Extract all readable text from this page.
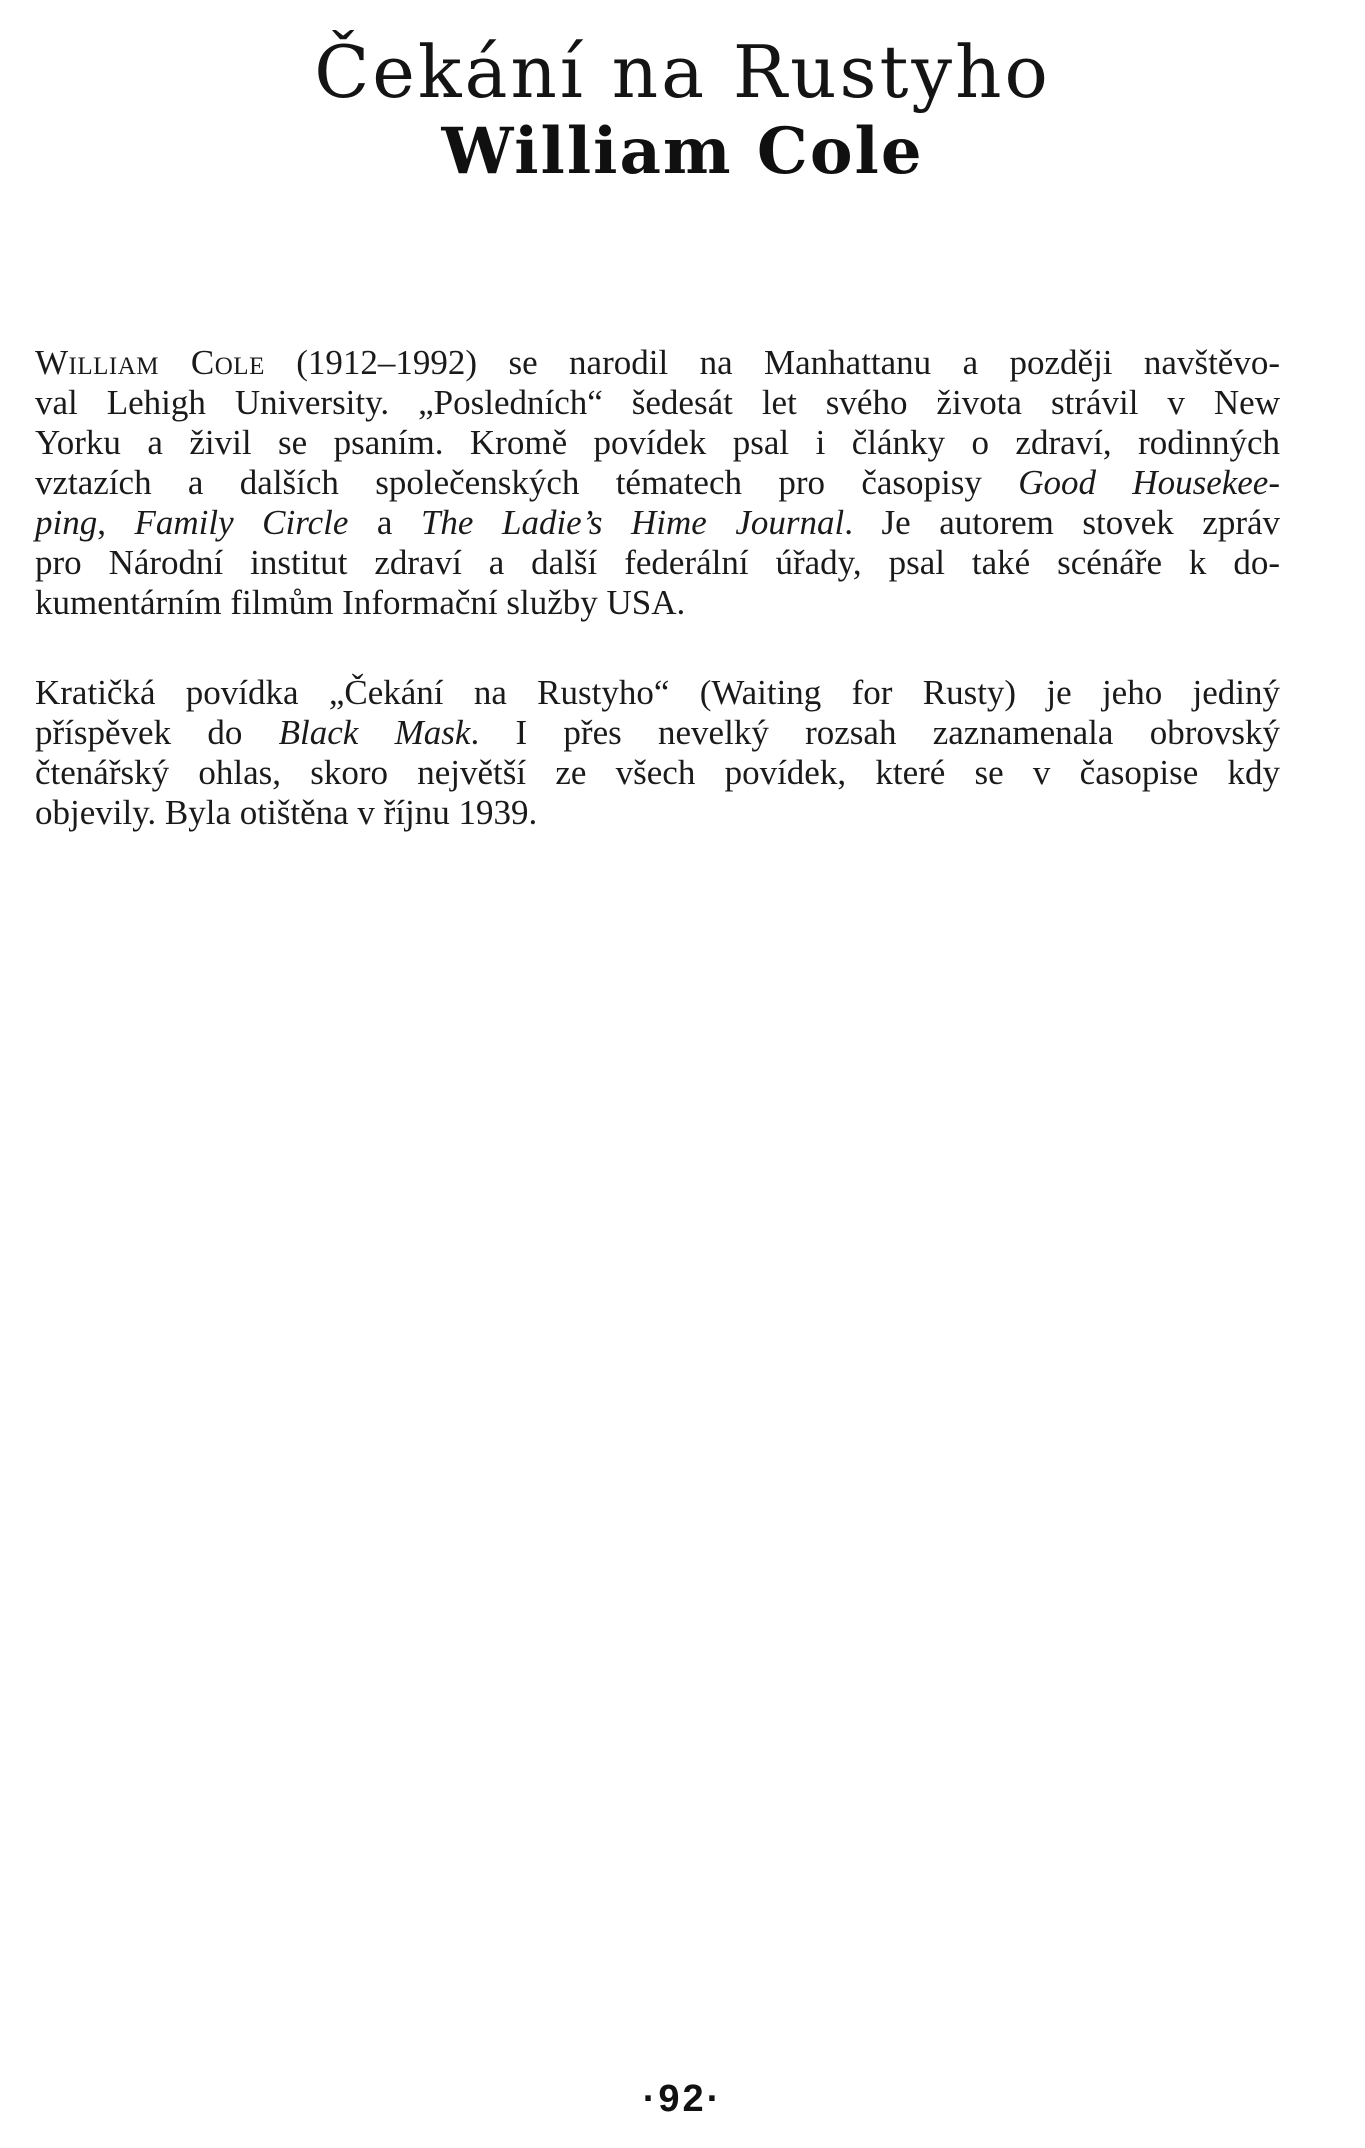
Čekání na Rustyho
William Cole
William Cole (1912–1992) se narodil na Manhattanu a později navštěvo-
val Lehigh University. „Posledních“ šedesát let svého života strávil v New
Yorku a živil se psaním. Kromě povídek psal i články o zdraví, rodinných
vztazích a dalších společenských tématech pro časopisy Good Housekee-
ping, Family Circle a The Ladie’s Hime Journal. Je autorem stovek zpráv
pro Národní institut zdraví a další federální úřady, psal také scénáře k do-
kumentárním filmům Informační služby USA.
Kratičká povídka „Čekání na Rustyho“ (Waiting for Rusty) je jeho jediný
příspěvek do Black Mask. I přes nevelký rozsah zaznamenala obrovský
čtenářský ohlas, skoro největší ze všech povídek, které se v časopise kdy
objevily. Byla otištěna v říjnu 1939.
·92·
